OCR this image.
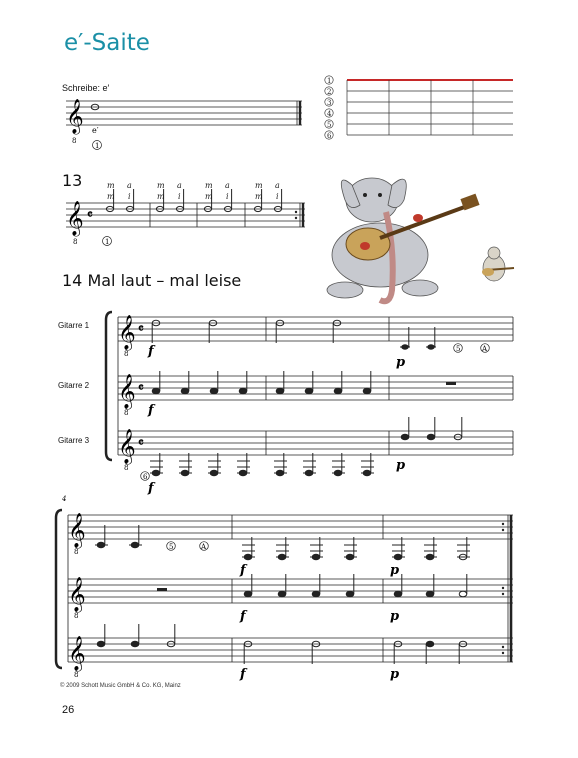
e′-Saite
Schreibe: e′
13
14 Mal laut – mal leise
Gitarre 1
Gitarre 2
Gitarre 3
© 2009 Schott Music GmbH & Co. KG, Mainz
26
𝄞
8
e′
1
1
2
3
4
5
6
𝄞
8
𝄴
m a	m a	m a	m a
m i	m i	m i	m i
1
𝄞
𝄞
𝄞
8
8
8
𝄴
𝄴
𝄴
5	A
f
p
f
6
f
p
4
𝄞
𝄞
𝄞
8
8
8
5	A
f	p
f	p
f	p
